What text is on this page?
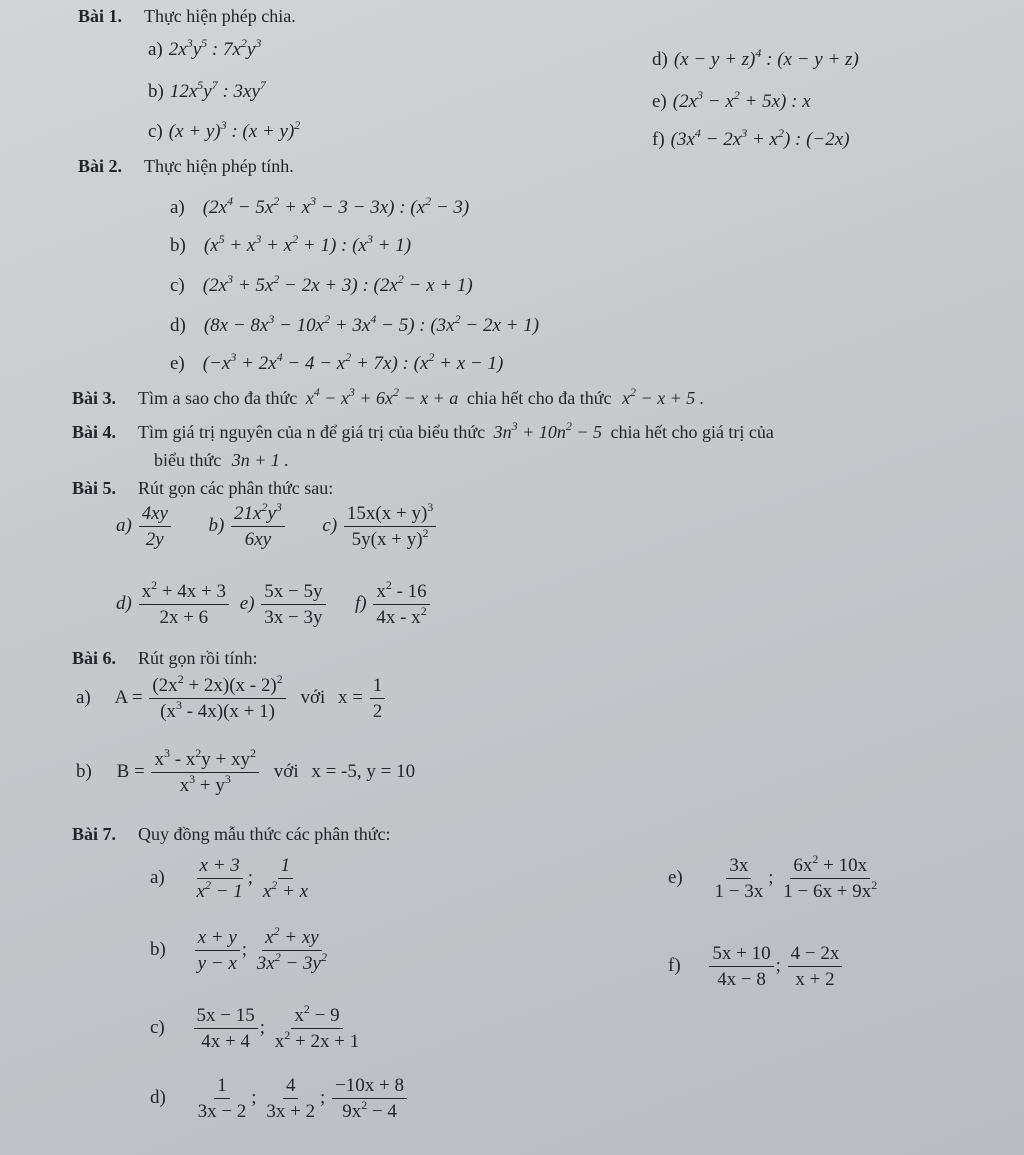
Bài 1. Thực hiện phép chia.
a) $2x^3y^5$ : $7x^2y^3$
b) $12x^5y^7$ : $3xy^7$
c) $(x + y)^3$ : $(x + y)^2$
d) $(x - y + z)^4$ : (x − y + z)
e) $(2x^3 - x^2 + 5x)$ : x
f) $(3x^4 - 2x^3 + x^2)$ : (−2x)
Bài 2. Thực hiện phép tính.
a) $(2x^4 - 5x^2 + x^3 - 3 - 3x)$ : $(x^2 - 3)$
b) $(x^5 + x^3 + x^2 + 1)$ : $(x^3 + 1)$
c) $(2x^3 + 5x^2 - 2x + 3)$ : $(2x^2 - x + 1)$
d) $(8x - 8x^3 - 10x^2 + 3x^4 - 5)$ : $(3x^2 - 2x + 1)$
e) $(-x^3 + 2x^4 - 4 - x^2 + 7x)$ : $(x^2 + x - 1)$
Bài 3. Tìm a sao cho đa thức $x^4 - x^3 + 6x^2 - x + a$ chia hết cho đa thức $x^2 - x + 5$ .
Bài 4. Tìm giá trị nguyên của n để giá trị của biểu thức $3n^3 + 10n^2 - 5$ chia hết cho giá trị của
biểu thức 3n + 1 .
Bài 5. Rút gọn các phân thức sau:
$a) \frac{4xy}{2y} b) \frac{21x^2y^3}{6xy} c) \frac{15x(x + y)^3}{5y(x + y)^2}$
$d) \frac{x^2 + 4x + 3}{2x + 6} e) \frac{5x - 5y}{3x - 3y} f) \frac{x^2 - 16}{4x - x^2}$
Bài 6. Rút gọn rồi tính:
a) $A = \frac{(2x^2 + 2x)(x - 2)^2}{(x^3 - 4x)(x + 1)}$ với $x = \frac{1}{2}$
b) $B = \frac{x^3 - x^2y + xy^2}{x^3 + y^3}$ với x = -5, y = 10
Bài 7. Quy đồng mẫu thức các phân thức:
$a) \frac{x + 3}{x^2 - 1}$ ; $\frac{1}{x^2 + x}$
$b) \frac{x + y}{y - x}$ ; $\frac{x^2 + xy}{3x^2 - 3y^2}$
$c) \frac{5x - 15}{4x + 4}$ ; $\frac{x^2 - 9}{x^2 + 2x + 1}$
$d) \frac{1}{3x - 2}$ ; $\frac{4}{3x + 2}$ ; $\frac{-10x + 8}{9x^2 - 4}$
$e) \frac{3x}{1 - 3x}$ ; $\frac{6x^2 + 10x}{1 - 6x + 9x^2}$
$f) \frac{5x + 10}{4x - 8}$ ; $\frac{4 - 2x}{x + 2}$
